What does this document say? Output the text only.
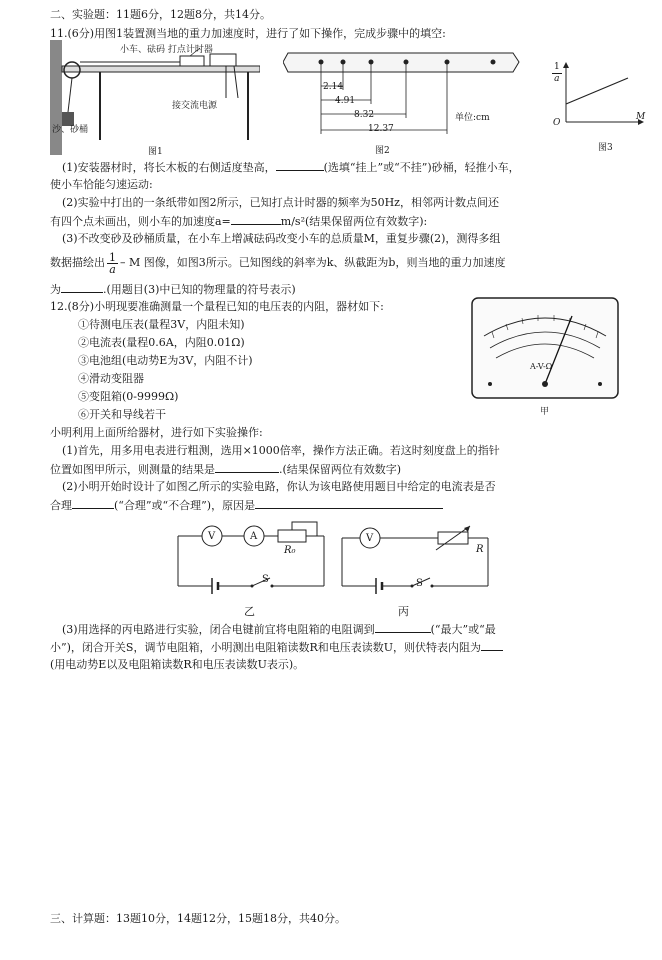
二、实验题：11题6分，12题8分，共14分。
11.(6分)用图1装置测当地的重力加速度时，进行了如下操作，完成步骤中的填空:
小车、砝码 打点计时器
接交流电源
沙、砂桶
图1
2.14
4.91
8.32
12.37
单位:cm
图2
$\frac{1}{a}$
O
M
图3
(1)安装器材时，将长木板的右侧适度垫高，	(选填“挂上”或“不挂”)砂桶，轻推小车，
使小车恰能匀速运动:
(2)实验中打出的一条纸带如图2所示，已知打点计时器的频率为50Hz，相邻两计数点间还
有四个点未画出，则小车的加速度a=	m/s²(结果保留两位有效数字):
(3)不改变砂及砂桶质量，在小车上增减砝码改变小车的总质量M，重复步骤(2)，测得多组
数据描绘出 $\frac{1}{a}$ – M 图像，如图3所示。已知图线的斜率为k、纵截距为b，则当地的重力加速度
为	.(用题目(3)中已知的物理量的符号表示)
12.(8分)小明现要准确测量一个量程已知的电压表的内阻，器材如下:
①待测电压表(量程3V，内阻未知)
②电流表(量程0.6A，内阻0.01Ω)
③电池组(电动势E为3V，内阻不计)
④滑动变阻器
⑤变阻箱(0-9999Ω)
⑥开关和导线若干
A-V-Ω
甲
小明利用上面所给器材，进行如下实验操作:
(1)首先，用多用电表进行粗测，选用×1000倍率，操作方法正确。若这时刻度盘上的指针
位置如图甲所示，则测量的结果是	.(结果保留两位有效数字)
(2)小明开始时设计了如图乙所示的实验电路，你认为该电路使用题目中给定的电流表是否
合理	(“合理”或“不合理”)，原因是
V	A
R₀
S
乙
V
R
S
丙
(3)用选择的丙电路进行实验，闭合电键前宜将电阻箱的电阻调到	(“最大”或“最
小”)，闭合开关S，调节电阻箱，小明测出电阻箱读数R和电压表读数U，则伏特表内阻为
(用电动势E以及电阻箱读数R和电压表读数U表示)。
三、计算题：13题10分，14题12分，15题18分，共40分。
